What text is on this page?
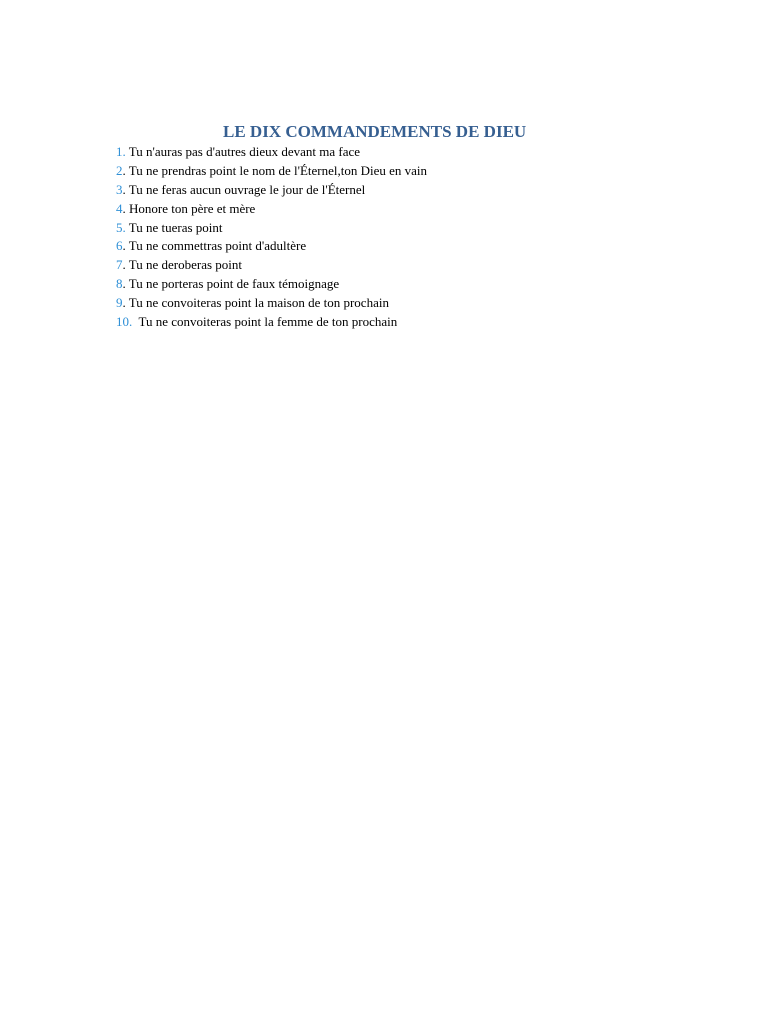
LE DIX COMMANDEMENTS DE DIEU
1. Tu n'auras pas d'autres dieux devant ma face
2. Tu ne prendras point le nom de l'Éternel,ton Dieu en vain
3. Tu ne feras aucun ouvrage le jour de l'Éternel
4. Honore ton père et mère
5. Tu ne tueras point
6. Tu ne commettras point d'adultère
7. Tu ne deroberas point
8. Tu ne porteras point de faux témoignage
9. Tu ne convoiteras point la maison de ton prochain
10.  Tu ne convoiteras point la femme de ton prochain
